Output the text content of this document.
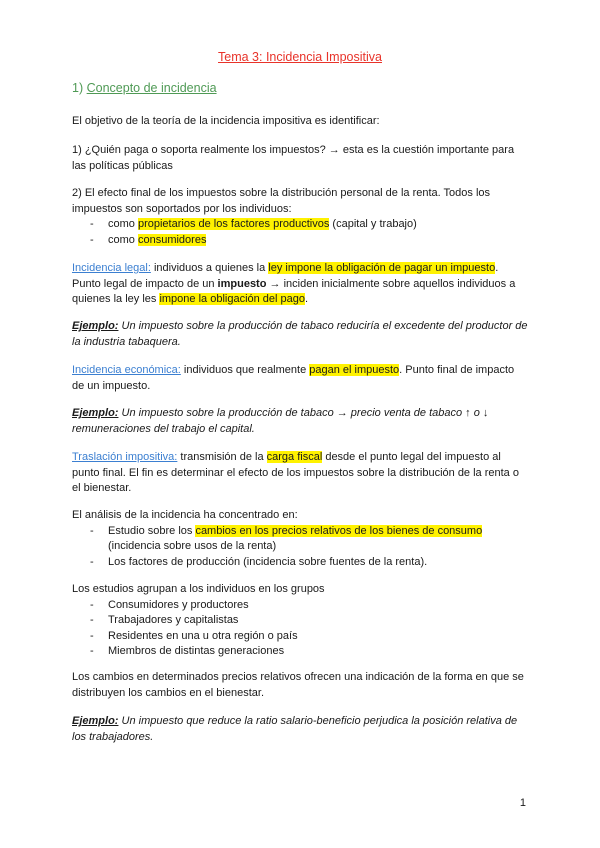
Tema 3: Incidencia Impositiva
1) Concepto de incidencia

El objetivo de la teoría de la incidencia impositiva es identificar:

1) ¿Quién paga o soporta realmente los impuestos? → esta es la cuestión importante para las políticas públicas

2) El efecto final de los impuestos sobre la distribución personal de la renta. Todos los impuestos son soportados por los individuos:

- como propietarios de los factores productivos (capital y trabajo)
- como consumidores

Incidencia legal: individuos a quienes la ley impone la obligación de pagar un impuesto. Punto legal de impacto de un impuesto → inciden inicialmente sobre aquellos individuos a quienes la ley les impone la obligación del pago.

Ejemplo: Un impuesto sobre la producción de tabaco reduciría el excedente del productor de la industria tabaquera.

Incidencia económica: individuos que realmente pagan el impuesto. Punto final de impacto de un impuesto.

Ejemplo: Un impuesto sobre la producción de tabaco → precio venta de tabaco ↑ o ↓ remuneraciones del trabajo el capital.

Traslación impositiva: transmisión de la carga fiscal desde el punto legal del impuesto al punto final. El fin es determinar el efecto de los impuestos sobre la distribución de la renta o el bienestar.

El análisis de la incidencia ha concentrado en:

- Estudio sobre los cambios en los precios relativos de los bienes de consumo (incidencia sobre usos de la renta)
- Los factores de producción (incidencia sobre fuentes de la renta).

Los estudios agrupan a los individuos en los grupos

- Consumidores y productores
- Trabajadores y capitalistas
- Residentes en una u otra región o país
- Miembros de distintas generaciones

Los cambios en determinados precios relativos ofrecen una indicación de la forma en que se distribuyen los cambios en el bienestar.

Ejemplo: Un impuesto que reduce la ratio salario-beneficio perjudica la posición relativa de los trabajadores.

1
